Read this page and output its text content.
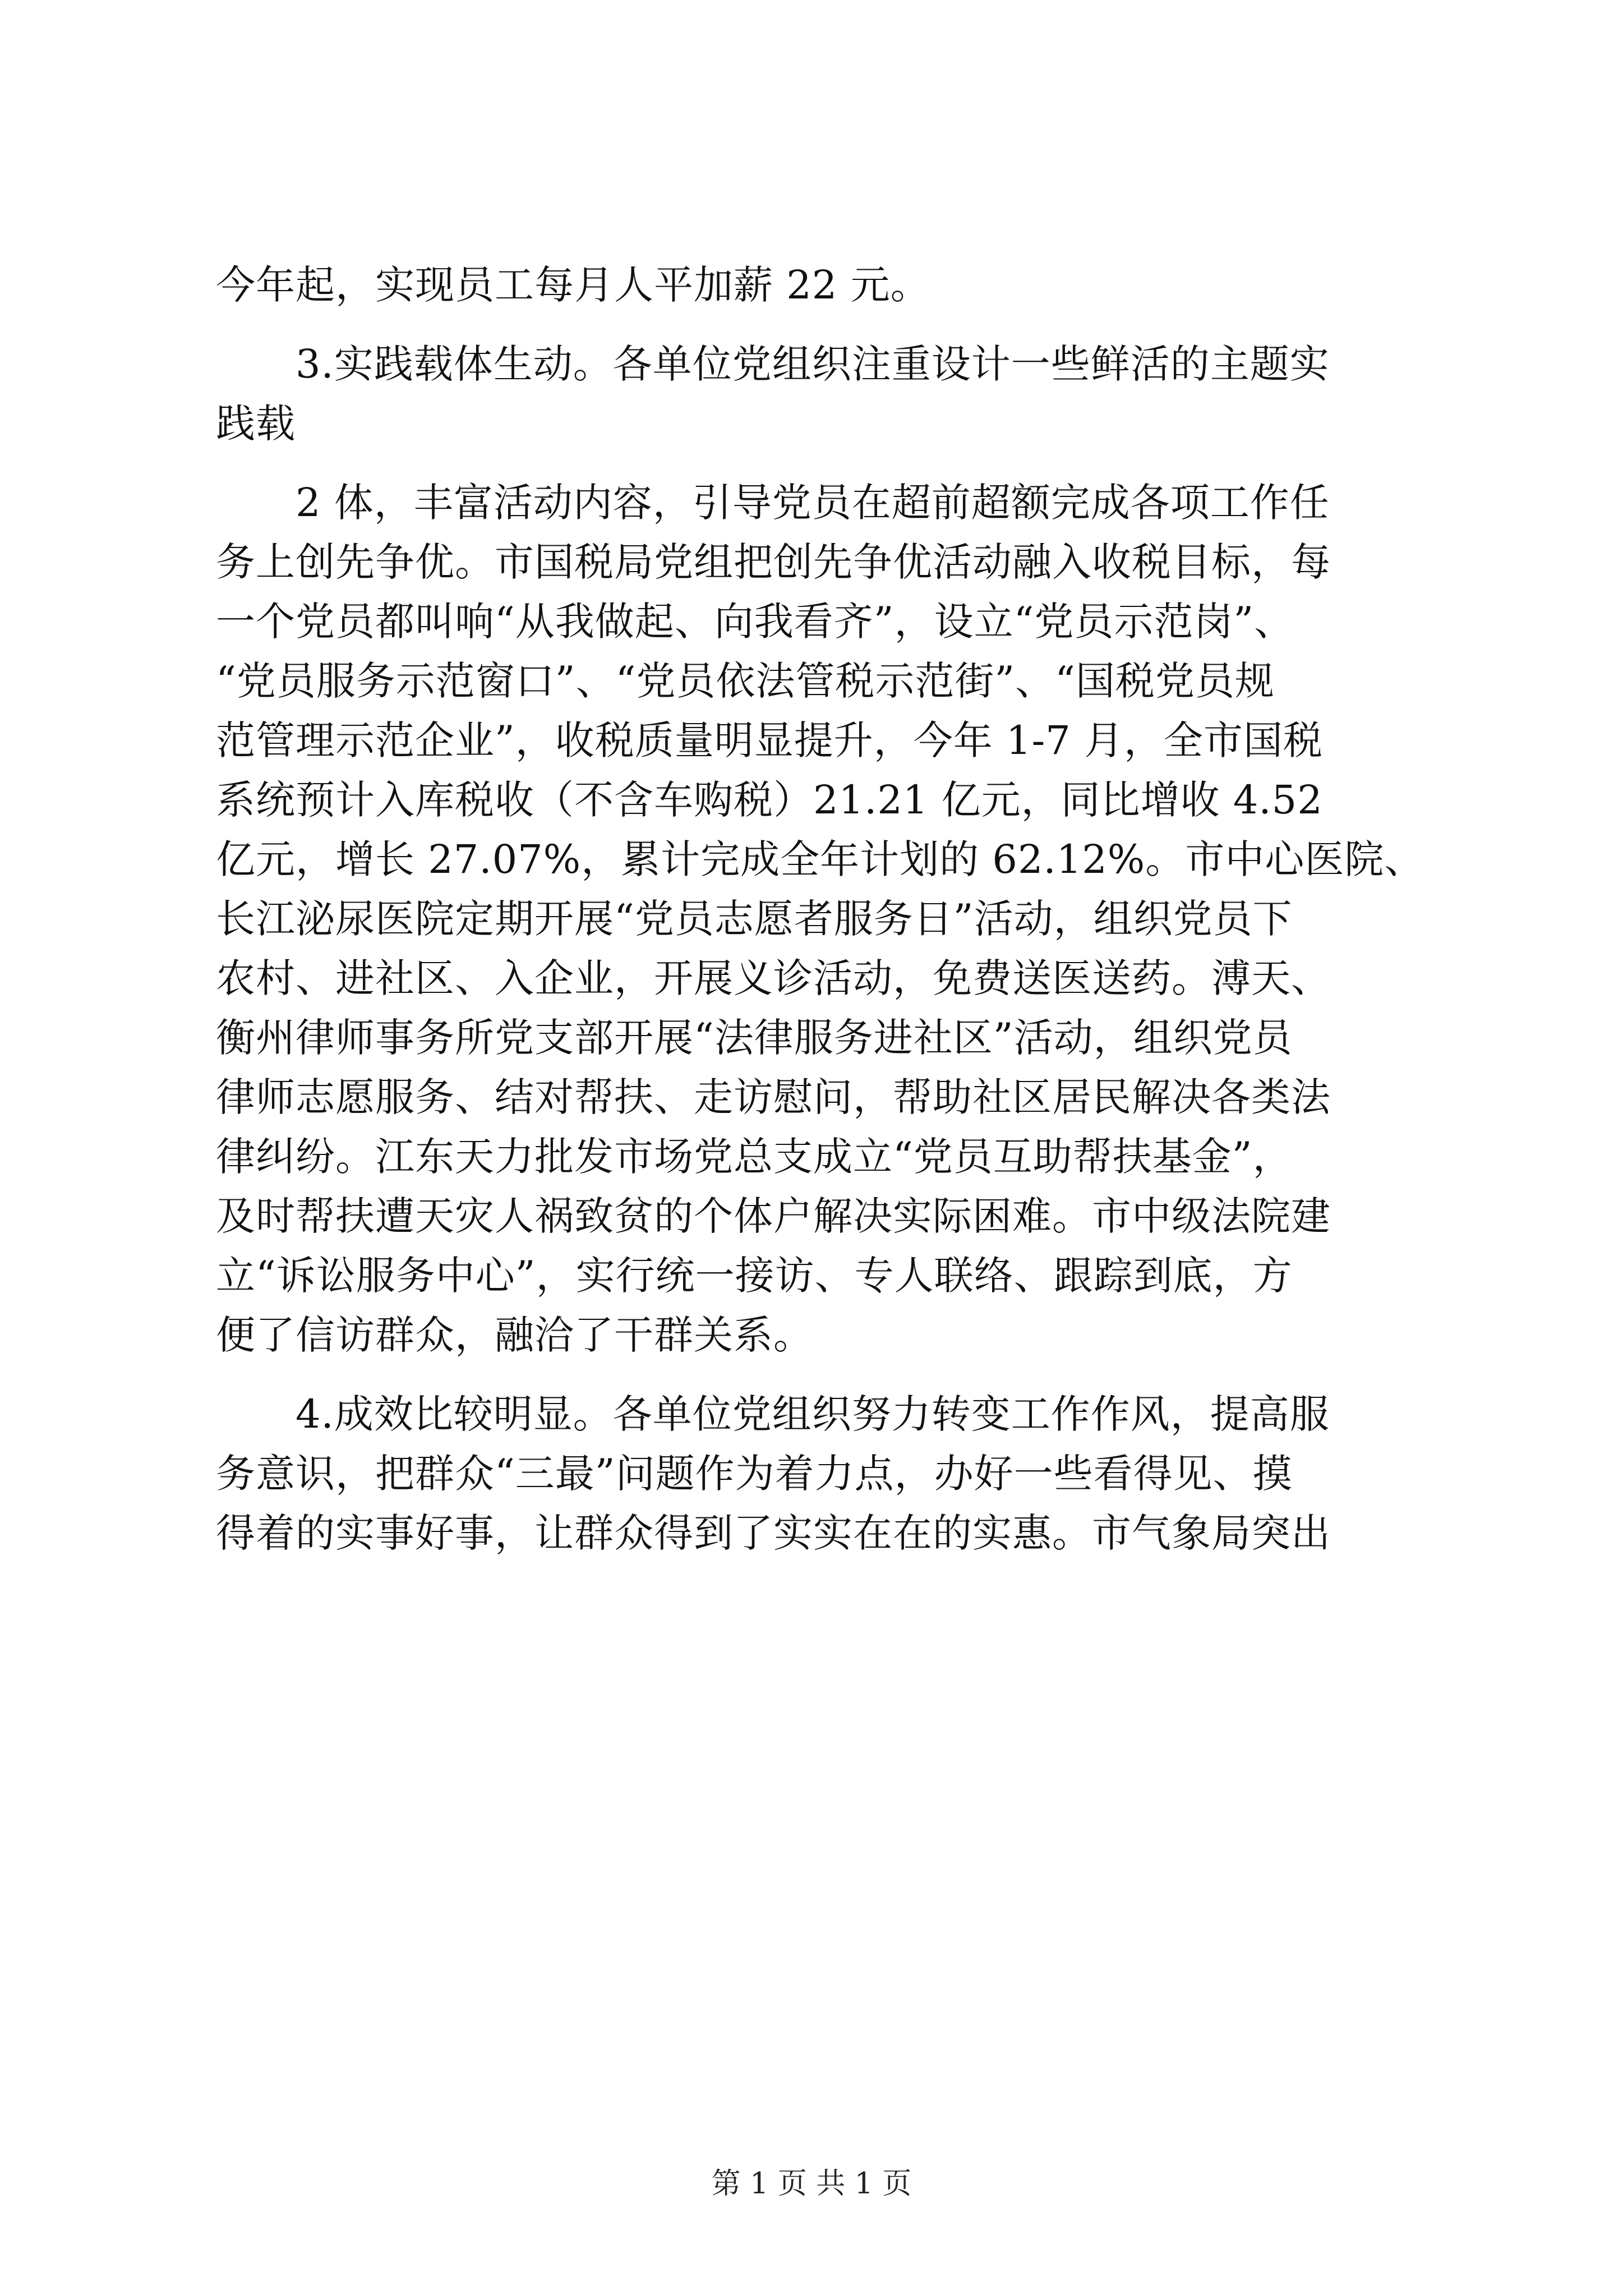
今年起，实现员工每月人平加薪 22 元。
3.实践载体生动。各单位党组织注重设计一些鲜活的主题实
践载
2 体，丰富活动内容，引导党员在超前超额完成各项工作任
务上创先争优。市国税局党组把创先争优活动融入收税目标，每
一个党员都叫响“从我做起、向我看齐”，设立“党员示范岗”、
“党员服务示范窗口”、“党员依法管税示范街”、“国税党员规
范管理示范企业”，收税质量明显提升，今年 1-7 月，全市国税
系统预计入库税收（不含车购税）21.21 亿元，同比增收 4.52
亿元，增长 27.07%，累计完成全年计划的 62.12%。市中心医院、
长江泌尿医院定期开展“党员志愿者服务日”活动，组织党员下
农村、进社区、入企业，开展义诊活动，免费送医送药。溥天、
衡州律师事务所党支部开展“法律服务进社区”活动，组织党员
律师志愿服务、结对帮扶、走访慰问，帮助社区居民解决各类法
律纠纷。江东天力批发市场党总支成立“党员互助帮扶基金”，
及时帮扶遭天灾人祸致贫的个体户解决实际困难。市中级法院建
立“诉讼服务中心”，实行统一接访、专人联络、跟踪到底，方
便了信访群众，融洽了干群关系。
4.成效比较明显。各单位党组织努力转变工作作风，提高服
务意识，把群众“三最”问题作为着力点，办好一些看得见、摸
得着的实事好事，让群众得到了实实在在的实惠。市气象局突出
第 1 页 共 1 页
